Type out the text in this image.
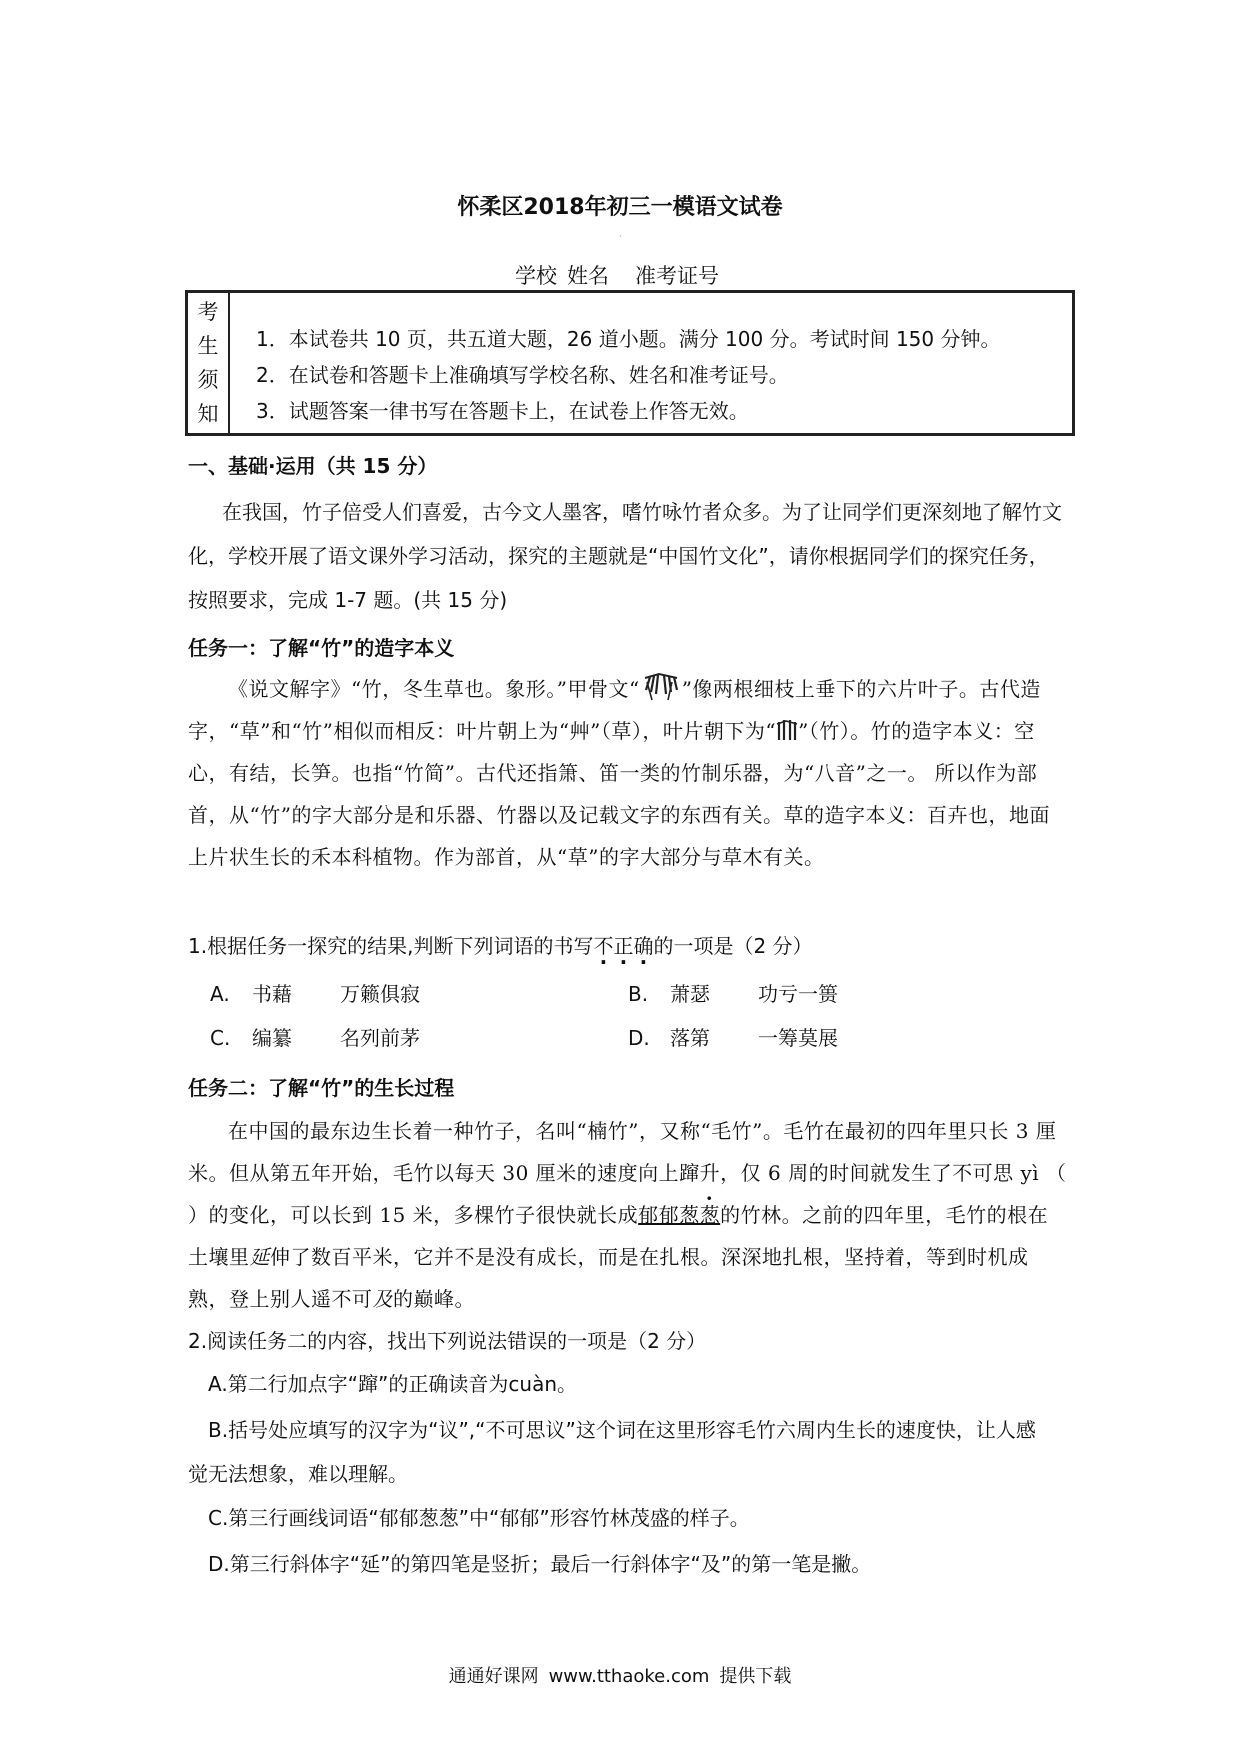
怀柔区2018年初三一模语文试卷
·
学校 姓名 准考证号
考
生
须
知
1．本试卷共 10 页，共五道大题，26 道小题。满分 100 分。考试时间 150 分钟。
2．在试卷和答题卡上准确填写学校名称、姓名和准考证号。
3．试题答案一律书写在答题卡上，在试卷上作答无效。
一、基础·运用（共 15 分）
在我国，竹子倍受人们喜爱，古今文人墨客，嗜竹咏竹者众多。为了让同学们更深刻地了解竹文化，学校开展了语文课外学习活动，探究的主题就是“中国竹文化”，请你根据同学们的探究任务，按照要求，完成 1-7 题。(共 15 分)
任务一：了解“竹”的造字本义
《说文解字》“竹，冬生草也。象形。”甲骨文“ ”像两根细枝上垂下的六片叶子。古代造字，“草”和“竹”相似而相反：叶片朝上为“艸”（草），叶片朝下为“ ”（竹）。竹的造字本义：空心，有结，长笋。也指“竹简”。古代还指箫、笛一类的竹制乐器，为“八音”之一。 所以作为部首，从“竹”的字大部分是和乐器、竹器以及记载文字的东西有关。草的造字本义：百卉也，地面上片状生长的禾本科植物。作为部首，从“草”的字大部分与草木有关。
1.根据任务一探究的结果,判断下列词语的书写不正确的一项是（2 分）
A. 书藉 万籁俱寂	B. 萧瑟 功亏一篑
C. 编纂 名列前茅	D. 落第 一筹莫展
任务二：了解“竹”的生长过程
在中国的最东边生长着一种竹子，名叫“楠竹”，又称“毛竹”。毛竹在最初的四年里只长 3 厘米。但从第五年开始，毛竹以每天 30 厘米的速度向上蹿升，仅 6 周的时间就发生了不可思 yì （ ）的变化，可以长到 15 米，多棵竹子很快就长成郁郁葱葱的竹林。之前的四年里，毛竹的根在土壤里延伸了数百平米，它并不是没有成长，而是在扎根。深深地扎根，坚持着，等到时机成熟，登上别人遥不可及的巅峰。
2.阅读任务二的内容，找出下列说法错误的一项是（2 分）
A.第二行加点字“蹿”的正确读音为cuàn。
B.括号处应填写的汉字为“议”,“不可思议”这个词在这里形容毛竹六周内生长的速度快，让人感觉无法想象，难以理解。
C.第三行画线词语“郁郁葱葱”中“郁郁”形容竹林茂盛的样子。
D.第三行斜体字“延”的第四笔是竖折；最后一行斜体字“及”的第一笔是撇。
通通好课网 www.tthaoke.com 提供下载
